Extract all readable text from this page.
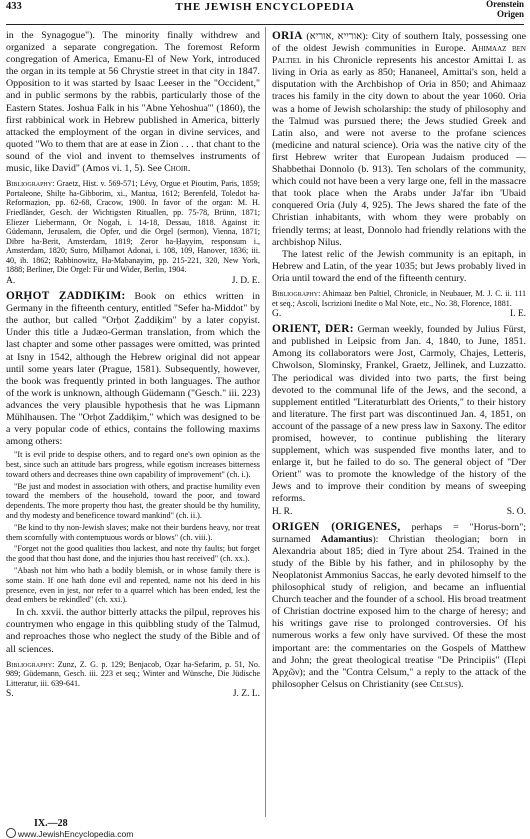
433	THE JEWISH ENCYCLOPEDIA	Orenstein
Origen

in the Synagogue"). The minority finally withdrew and organized a separate congregation. The foremost Reform congregation of America, Emanu-El of New York, introduced the organ in its temple at 56 Chrystie street in that city in 1847. Opposition to it was started by Isaac Leeser in the "Occident," and in public sermons by the rabbis, particularly those of the Eastern States. Joshua Falk in his "Abne Yehoshua'" (1860), the first rabbinical work in Hebrew published in America, bitterly attacked the employment of the organ in divine services, and quoted "Wo to them that are at ease in Zion . . . that chant to the sound of the viol and invent to themselves instruments of music, like David" (Amos vi. 1, 5). See Choir.

Bibliography: Graetz, Hist. v. 569-571; Lévy, Orgue et Pioutim, Paris, 1859; Portaleone, Shilṭe ha-Gibborim, xi., Mantua, 1612; Berenfeld, Toledot ha-Reformaẓion, pp. 62-68, Cracow, 1900. In favor of the organ: M. H. Friedländer, Gesch. der Wichtigsten Rituallen, pp. 75-78, Brünn, 1871; Eliezer Liebermann, Or Nogah, i. 14-18, Dessau, 1818. Against it: Güdemann, Jerusalem, die Opfer, und die Orgel (sermon), Vienna, 1871; Dibre ha-Berit, Amsterdam, 1819; Ẓeror ha-Ḥayyim, responsum i., Amsterdam, 1820; Sutro, Milḥamot Adonai, i. 108, 109, Hanover, 1836; iii. 40, ib. 1862; Rabbinowitz, Ha-Mabanayim, pp. 215-221, 320, New York, 1888; Berliner, Die Orgel: Für und Wider, Berlin, 1904.

A.	J. D. E.

ORḤOT ẒADDIḲIM: Book on ethics written in Germany in the fifteenth century, entitled "Sefer ha-Middot" by the author, but called "Orḥot Ẓaddiḳim" by a later copyist. Under this title a Judæo-German translation, from which the last chapter and some other passages were omitted, was printed at Isny in 1542, although the Hebrew original did not appear until some years later (Prague, 1581). Subsequently, however, the book was frequently printed in both languages. The author of the work is unknown, although Güdemann ("Gesch." iii. 223) advances the very plausible hypothesis that he was Lipmann Mühlhausen. The "Orḥot Ẓaddiḳim," which was designed to be a very popular code of ethics, contains the following maxims among others:

"It is evil pride to despise others, and to regard one's own opinion as the best, since such an attitude bars progress, while egotism increases bitterness toward others and decreases thine own capability of improvement" (ch. i.).

"Be just and modest in association with others, and practise humility even toward the members of the household, toward the poor, and toward dependents. The more property thou hast, the greater should be thy humility, and thy modesty and beneficence toward mankind" (ch. ii.).

"Be kind to thy non-Jewish slaves; make not their burdens heavy, nor treat them scornfully with contemptuous words or blows" (ch. viii.).

"Forget not the good qualities thou lackest, and note thy faults; but forget the good that thou hast done, and the injuries thou hast received" (ch. xx.).

"Abash not him who hath a bodily blemish, or in whose family there is some stain. If one hath done evil and repented, name not his deed in his presence, even in jest, nor refer to a quarrel which has been ended, lest the dead embers be rekindled" (ch. xxi.).

In ch. xxvii. the author bitterly attacks the pilpul, reproves his countrymen who engage in this quibbling study of the Talmud, and reproaches those who neglect the study of the Bible and of all sciences.

Bibliography: Zunz, Z. G. p. 129; Benjacob, Oẓar ha-Sefarim, p. 51, No. 989; Güdemann, Gesch. iii. 223 et seq.; Winter and Wünsche, Die Jüdische Litteratur, iii. 639-641.

S.	J. Z. L.

ORIA (אורייא ,אוריא): City of southern Italy, possessing one of the oldest Jewish communities in Europe. Ahimaaz ben Paltiel in his Chronicle represents his ancestor Amittai I. as living in Oria as early as 850; Hananeel, Amittai's son, held a disputation with the Archbishop of Oria in 850; and Ahimaaz traces his family in the city down to about the year 1060. Oria was a home of Jewish scholarship: the study of philosophy and the Talmud was pursued there; the Jews studied Greek and Latin also, and were not averse to the profane sciences (medicine and natural science). Oria was the native city of the first Hebrew writer that European Judaism produced — Shabbethai Donnolo (b. 913). Ten scholars of the community, which could not have been a very large one, fell in the massacre that took place when the Arabs under Ja'far ibn 'Ubaid conquered Oria (July 4, 925). The Jews shared the fate of the Christian inhabitants, with whom they were probably on friendly terms; at least, Donnolo had friendly relations with the archbishop Nilus.

The latest relic of the Jewish community is an epitaph, in Hebrew and Latin, of the year 1035; but Jews probably lived in Oria until toward the end of the fifteenth century.

Bibliography: Ahimaaz ben Paltiel, Chronicle, in Neubauer, M. J. C. ii. 111 et seq.; Ascoli, Iscrizioni Inedite o Mal Note, etc., No. 38, Florence, 1881.

G.	I. E.

ORIENT, DER: German weekly, founded by Julius Fürst, and published in Leipsic from Jan. 4, 1840, to June, 1851. Among its collaborators were Jost, Carmoly, Chajes, Letteris, Chwolson, Slominsky, Frankel, Graetz, Jellinek, and Luzzatto. The periodical was divided into two parts, the first being devoted to the communal life of the Jews, and the second, a supplement entitled "Literaturblatt des Orients," to their history and literature. The first part was discontinued Jan. 4, 1851, on account of the passage of a new press law in Saxony. The editor promised, however, to continue publishing the literary supplement, which was suspended five months later, and to enlarge it, but he failed to do so. The general object of "Der Orient" was to promote the knowledge of the history of the Jews and to improve their condition by means of sweeping reforms.

H. R.	S. O.

ORIGEN (ORIGENES, perhaps = "Horus-born"; surnamed Adamantius): Christian theologian; born in Alexandria about 185; died in Tyre about 254. Trained in the study of the Bible by his father, and in philosophy by the Neoplatonist Ammonius Saccas, he early devoted himself to the philosophical study of religion, and became an influential Church teacher and the founder of a school. His broad treatment of Christian doctrine exposed him to the charge of heresy; and his writings gave rise to prolonged controversies. Of his numerous works a few only have survived. Of these the most important are: the commentaries on the Gospels of Matthew and John; the great theological treatise "De Principiis" (Περὶ Ἀρχῶν); and the "Contra Celsum," a reply to the attack of the philosopher Celsus on Christianity (see Celsus).

IX.—28
www.JewishEncyclopedia.com
